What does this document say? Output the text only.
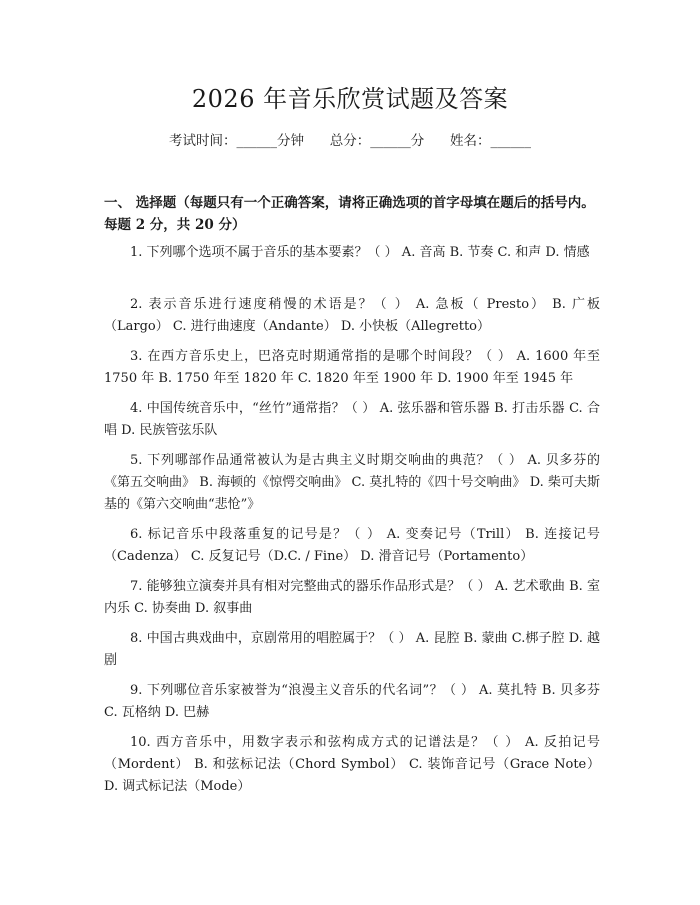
2026 年音乐欣赏试题及答案
考试时间：______分钟      总分：______分      姓名：______
一、 选择题（每题只有一个正确答案，请将正确选项的首字母填在题后的括号内。每题 2 分，共 20 分）
1. 下列哪个选项不属于音乐的基本要素？（ ） A. 音高 B. 节奏 C. 和声 D. 情感
2. 表示音乐进行速度稍慢的术语是？（ ） A. 急板（ Presto） B. 广板（Largo） C. 进行曲速度（Andante） D. 小快板（Allegretto）
3. 在西方音乐史上，巴洛克时期通常指的是哪个时间段？（ ） A. 1600 年至 1750 年 B. 1750 年至 1820 年 C. 1820 年至 1900 年 D. 1900 年至 1945 年
4. 中国传统音乐中，“丝竹”通常指？（ ） A. 弦乐器和管乐器 B. 打击乐器 C. 合唱 D. 民族管弦乐队
5. 下列哪部作品通常被认为是古典主义时期交响曲的典范？（ ） A. 贝多芬的《第五交响曲》 B. 海顿的《惊愕交响曲》 C. 莫扎特的《四十号交响曲》 D. 柴可夫斯基的《第六交响曲“悲怆”》
6. 标记音乐中段落重复的记号是？（ ） A. 变奏记号（Trill） B. 连接记号（Cadenza） C. 反复记号（D.C. / Fine） D. 滑音记号（Portamento）
7. 能够独立演奏并具有相对完整曲式的器乐作品形式是？（ ） A. 艺术歌曲 B. 室内乐 C. 协奏曲 D. 叙事曲
8. 中国古典戏曲中，京剧常用的唱腔属于？（ ） A. 昆腔 B. 蒙曲 C.梆子腔 D. 越剧
9. 下列哪位音乐家被誉为“浪漫主义音乐的代名词”？（ ） A. 莫扎特 B. 贝多芬 C. 瓦格纳 D. 巴赫
10. 西方音乐中，用数字表示和弦构成方式的记谱法是？（ ） A. 反拍记号（Mordent） B. 和弦标记法（Chord Symbol） C. 装饰音记号（Grace Note） D. 调式标记法（Mode）
